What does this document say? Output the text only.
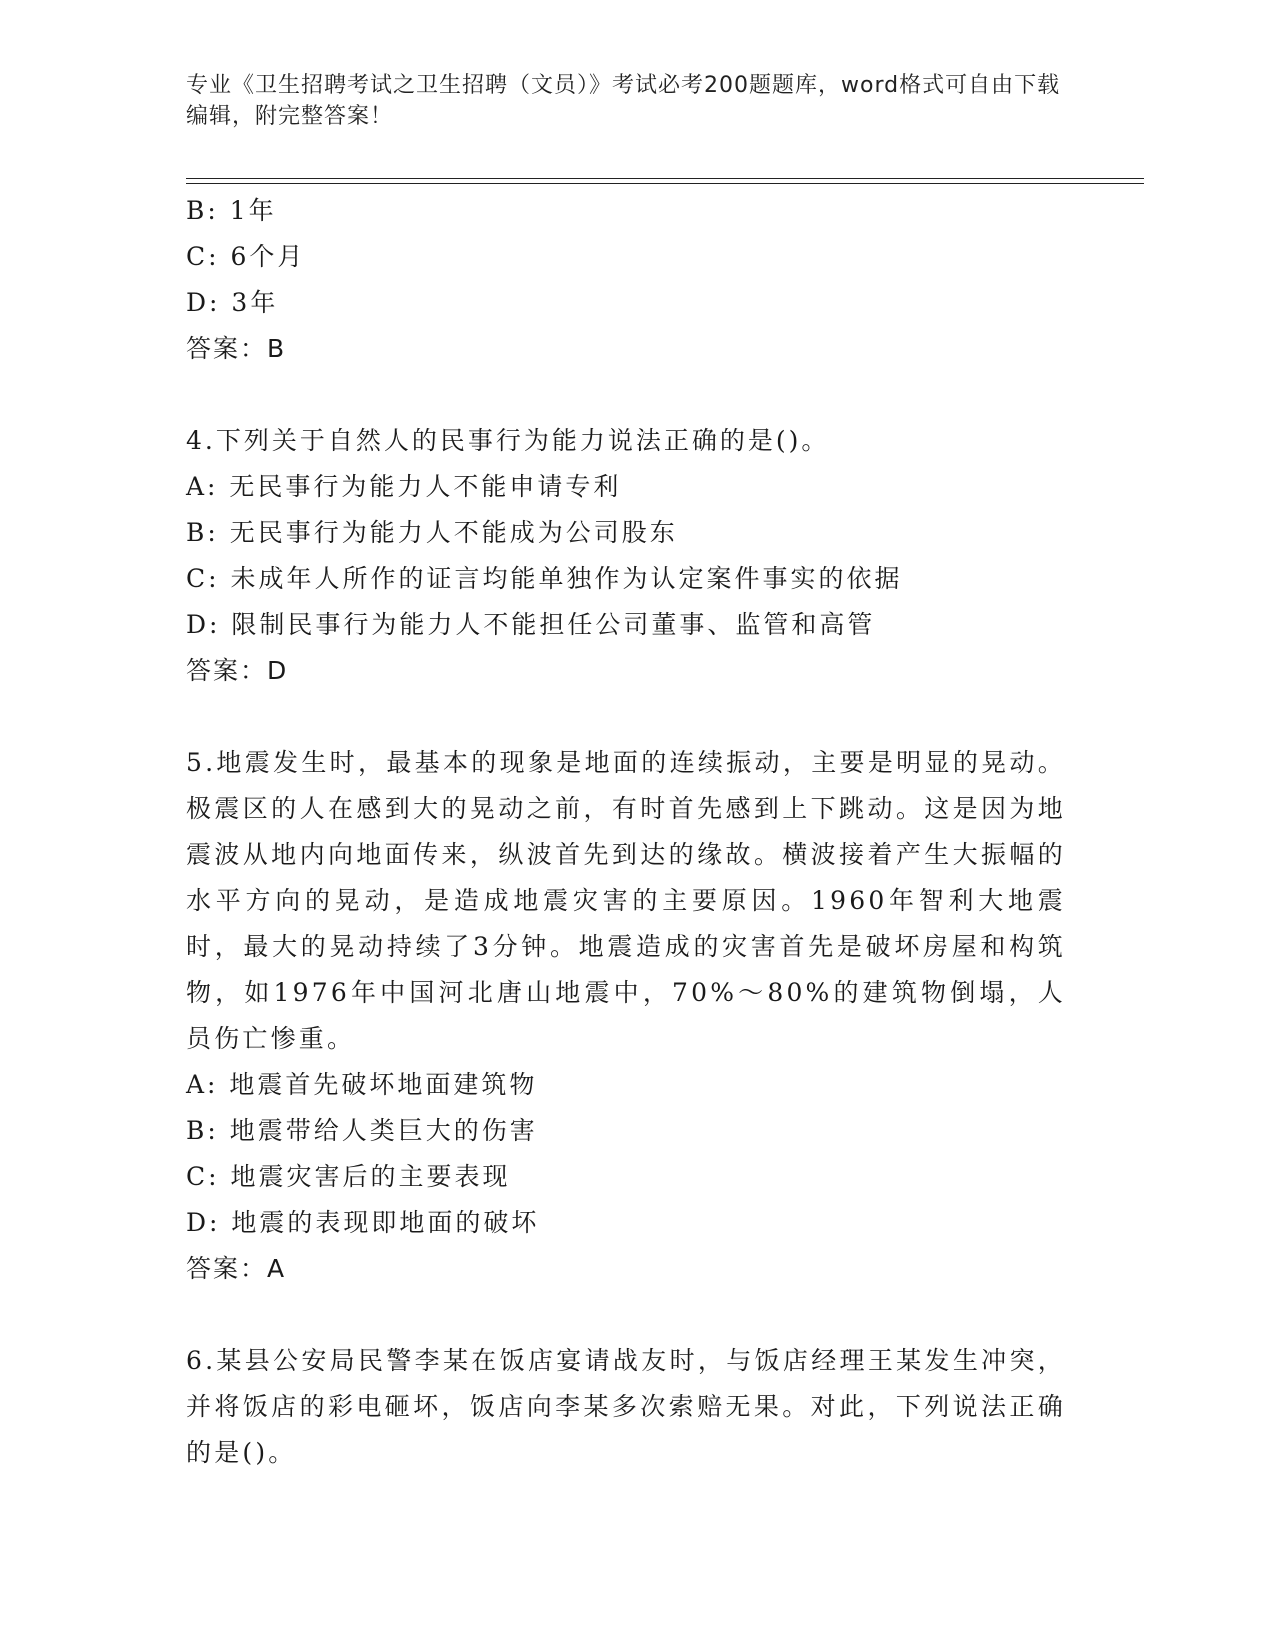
专业《卫生招聘考试之卫生招聘（文员）》考试必考200题题库，word格式可自由下载编辑，附完整答案！
B: 1年
C: 6个月
D: 3年
答案：B
4.下列关于自然人的民事行为能力说法正确的是()。
A: 无民事行为能力人不能申请专利
B: 无民事行为能力人不能成为公司股东
C: 未成年人所作的证言均能单独作为认定案件事实的依据
D: 限制民事行为能力人不能担任公司董事、监管和高管
答案：D
5.地震发生时，最基本的现象是地面的连续振动，主要是明显的晃动。极震区的人在感到大的晃动之前，有时首先感到上下跳动。这是因为地震波从地内向地面传来，纵波首先到达的缘故。横波接着产生大振幅的水平方向的晃动，是造成地震灾害的主要原因。1960年智利大地震时，最大的晃动持续了3分钟。地震造成的灾害首先是破坏房屋和构筑物，如1976年中国河北唐山地震中，70%～80%的建筑物倒塌，人员伤亡惨重。
A: 地震首先破坏地面建筑物
B: 地震带给人类巨大的伤害
C: 地震灾害后的主要表现
D: 地震的表现即地面的破坏
答案：A
6.某县公安局民警李某在饭店宴请战友时，与饭店经理王某发生冲突，并将饭店的彩电砸坏，饭店向李某多次索赔无果。对此，下列说法正确的是()。
